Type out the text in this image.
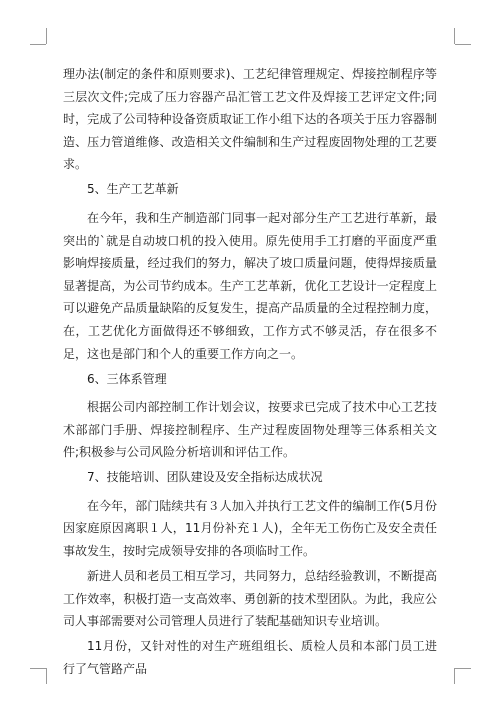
理办法(制定的条件和原则要求)、工艺纪律管理规定、焊接控制程序等三层次文件;完成了压力容器产品汇管工艺文件及焊接工艺评定文件;同时，完成了公司特种设备资质取证工作小组下达的各项关于压力容器制造、压力管道维修、改造相关文件编制和生产过程废固物处理的工艺要求。

5、生产工艺革新

在今年，我和生产制造部门同事一起对部分生产工艺进行革新，最突出的`就是自动坡口机的投入使用。原先使用手工打磨的平面度严重影响焊接质量，经过我们的努力，解决了坡口质量问题，使得焊接质量显著提高，为公司节约成本。生产工艺革新，优化工艺设计一定程度上可以避免产品质量缺陷的反复发生，提高产品质量的全过程控制力度，在，工艺优化方面做得还不够细致，工作方式不够灵活，存在很多不足，这也是部门和个人的重要工作方向之一。

6、三体系管理

根据公司内部控制工作计划会议，按要求已完成了技术中心工艺技术部部门手册、焊接控制程序、生产过程废固物处理等三体系相关文件;积极参与公司风险分析培训和评估工作。

7、技能培训、团队建设及安全指标达成状况

在今年，部门陆续共有３人加入并执行工艺文件的编制工作(5月份因家庭原因离职１人，11月份补充１人)，全年无工伤伤亡及安全责任事故发生，按时完成领导安排的各项临时工作。

新进人员和老员工相互学习，共同努力，总结经验教训，不断提高工作效率，积极打造一支高效率、勇创新的技术型团队。为此，我应公司人事部需要对公司管理人员进行了装配基础知识专业培训。

11月份，又针对性的对生产班组组长、质检人员和本部门员工进行了气管路产品
